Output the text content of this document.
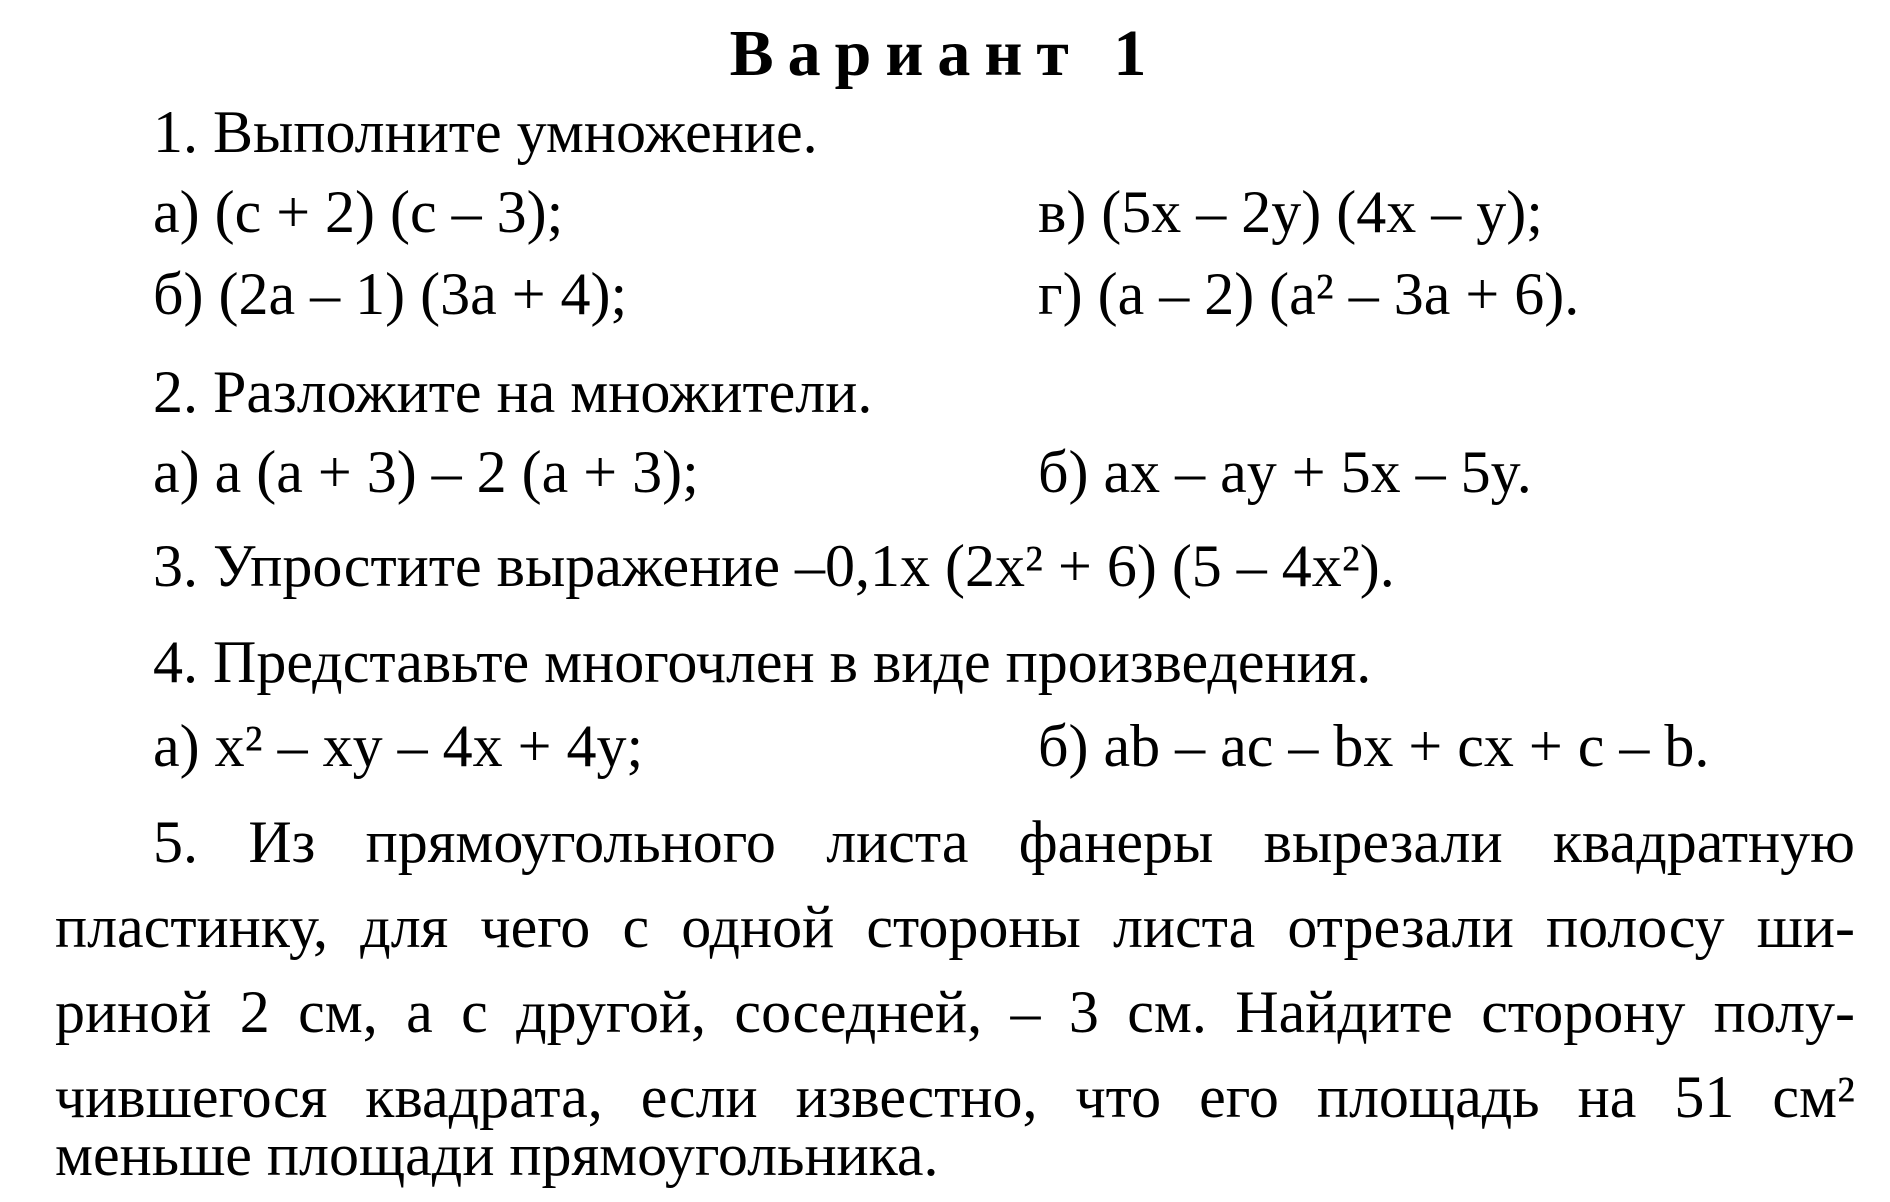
Вариант 1
1. Выполните умножение.
а) (c + 2) (c – 3);	в) (5x – 2y) (4x – y);
б) (2a – 1) (3a + 4);	г) (a – 2) (a² – 3a + 6).
2. Разложите на множители.
а) a (a + 3) – 2 (a + 3);	б) ax – ay + 5x – 5y.
3. Упростите выражение –0,1x (2x² + 6) (5 – 4x²).
4. Представьте многочлен в виде произведения.
а) x² – xy – 4x + 4y;	б) ab – ac – bx + cx + c – b.
5. Из прямоугольного листа фанеры вырезали квадратную
пластинку, для чего с одной стороны листа отрезали полосу ши-
риной 2 см, а с другой, соседней, – 3 см. Найдите сторону полу-
чившегося квадрата, если известно, что его площадь на 51 см²
меньше площади прямоугольника.
